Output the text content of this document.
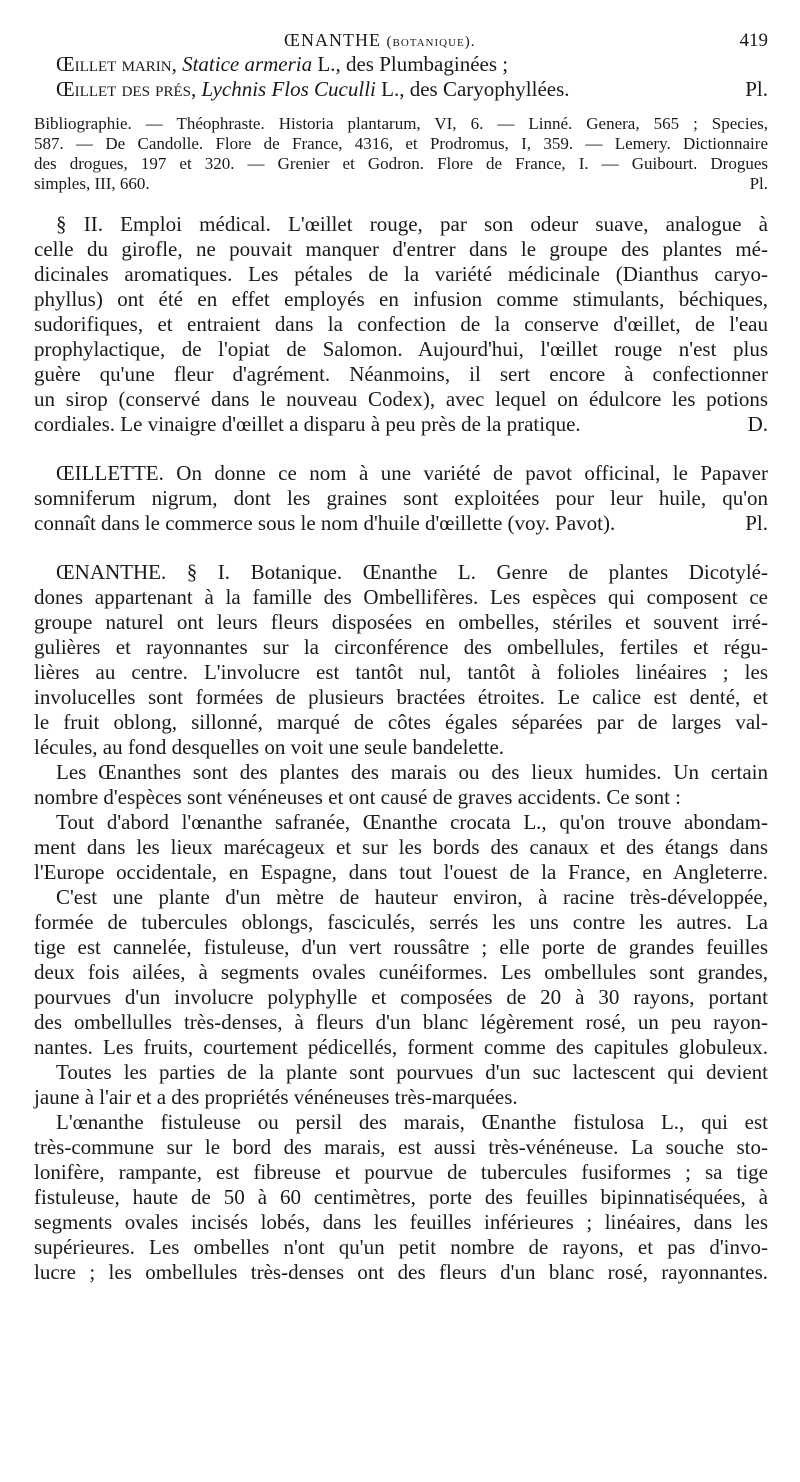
ŒNANTHE (botanique).	419
Œillet marin, Statice armeria L., des Plumbaginées ;
Œillet des prés, Lychnis Flos Cuculli L., des Caryophyllées.	Pl.
Bibliographie. — Théophraste. Historia plantarum, VI, 6. — Linné. Genera, 565 ; Species,
587. — De Candolle. Flore de France, 4316, et Prodromus, I, 359. — Lemery. Dictionnaire
des drogues, 197 et 320. — Grenier et Godron. Flore de France, I. — Guibourt. Drogues
simples, III, 660.	Pl.
§ II. Emploi médical. L'œillet rouge, par son odeur suave, analogue à
celle du girofle, ne pouvait manquer d'entrer dans le groupe des plantes mé-
dicinales aromatiques. Les pétales de la variété médicinale (Dianthus caryo-
phyllus) ont été en effet employés en infusion comme stimulants, béchiques,
sudorifiques, et entraient dans la confection de la conserve d'œillet, de l'eau
prophylactique, de l'opiat de Salomon. Aujourd'hui, l'œillet rouge n'est plus
guère qu'une fleur d'agrément. Néanmoins, il sert encore à confectionner
un sirop (conservé dans le nouveau Codex), avec lequel on édulcore les potions
cordiales. Le vinaigre d'œillet a disparu à peu près de la pratique.	D.
ŒILLETTE. On donne ce nom à une variété de pavot officinal, le Papaver
somniferum nigrum, dont les graines sont exploitées pour leur huile, qu'on
connaît dans le commerce sous le nom d'huile d'œillette (voy. Pavot).	Pl.
ŒNANTHE. § I. Botanique. Œnanthe L. Genre de plantes Dicotylé-
dones appartenant à la famille des Ombellifères. Les espèces qui composent ce
groupe naturel ont leurs fleurs disposées en ombelles, stériles et souvent irré-
gulières et rayonnantes sur la circonférence des ombellules, fertiles et régu-
lières au centre. L'involucre est tantôt nul, tantôt à folioles linéaires ; les
involucelles sont formées de plusieurs bractées étroites. Le calice est denté, et
le fruit oblong, sillonné, marqué de côtes égales séparées par de larges val-
lécules, au fond desquelles on voit une seule bandelette.
Les Œnanthes sont des plantes des marais ou des lieux humides. Un certain
nombre d'espèces sont vénéneuses et ont causé de graves accidents. Ce sont :
Tout d'abord l'œnanthe safranée, Œnanthe crocata L., qu'on trouve abondam-
ment dans les lieux marécageux et sur les bords des canaux et des étangs dans
l'Europe occidentale, en Espagne, dans tout l'ouest de la France, en Angleterre.
C'est une plante d'un mètre de hauteur environ, à racine très-développée,
formée de tubercules oblongs, fasciculés, serrés les uns contre les autres. La
tige est cannelée, fistuleuse, d'un vert roussâtre ; elle porte de grandes feuilles
deux fois ailées, à segments ovales cunéiformes. Les ombellules sont grandes,
pourvues d'un involucre polyphylle et composées de 20 à 30 rayons, portant
des ombellulles très-denses, à fleurs d'un blanc légèrement rosé, un peu rayon-
nantes. Les fruits, courtement pédicellés, forment comme des capitules globuleux.
Toutes les parties de la plante sont pourvues d'un suc lactescent qui devient
jaune à l'air et a des propriétés vénéneuses très-marquées.
L'œnanthe fistuleuse ou persil des marais, Œnanthe fistulosa L., qui est
très-commune sur le bord des marais, est aussi très-vénéneuse. La souche sto-
lonifère, rampante, est fibreuse et pourvue de tubercules fusiformes ; sa tige
fistuleuse, haute de 50 à 60 centimètres, porte des feuilles bipinnatiséquées, à
segments ovales incisés lobés, dans les feuilles inférieures ; linéaires, dans les
supérieures. Les ombelles n'ont qu'un petit nombre de rayons, et pas d'invo-
lucre ; les ombellules très-denses ont des fleurs d'un blanc rosé, rayonnantes.
